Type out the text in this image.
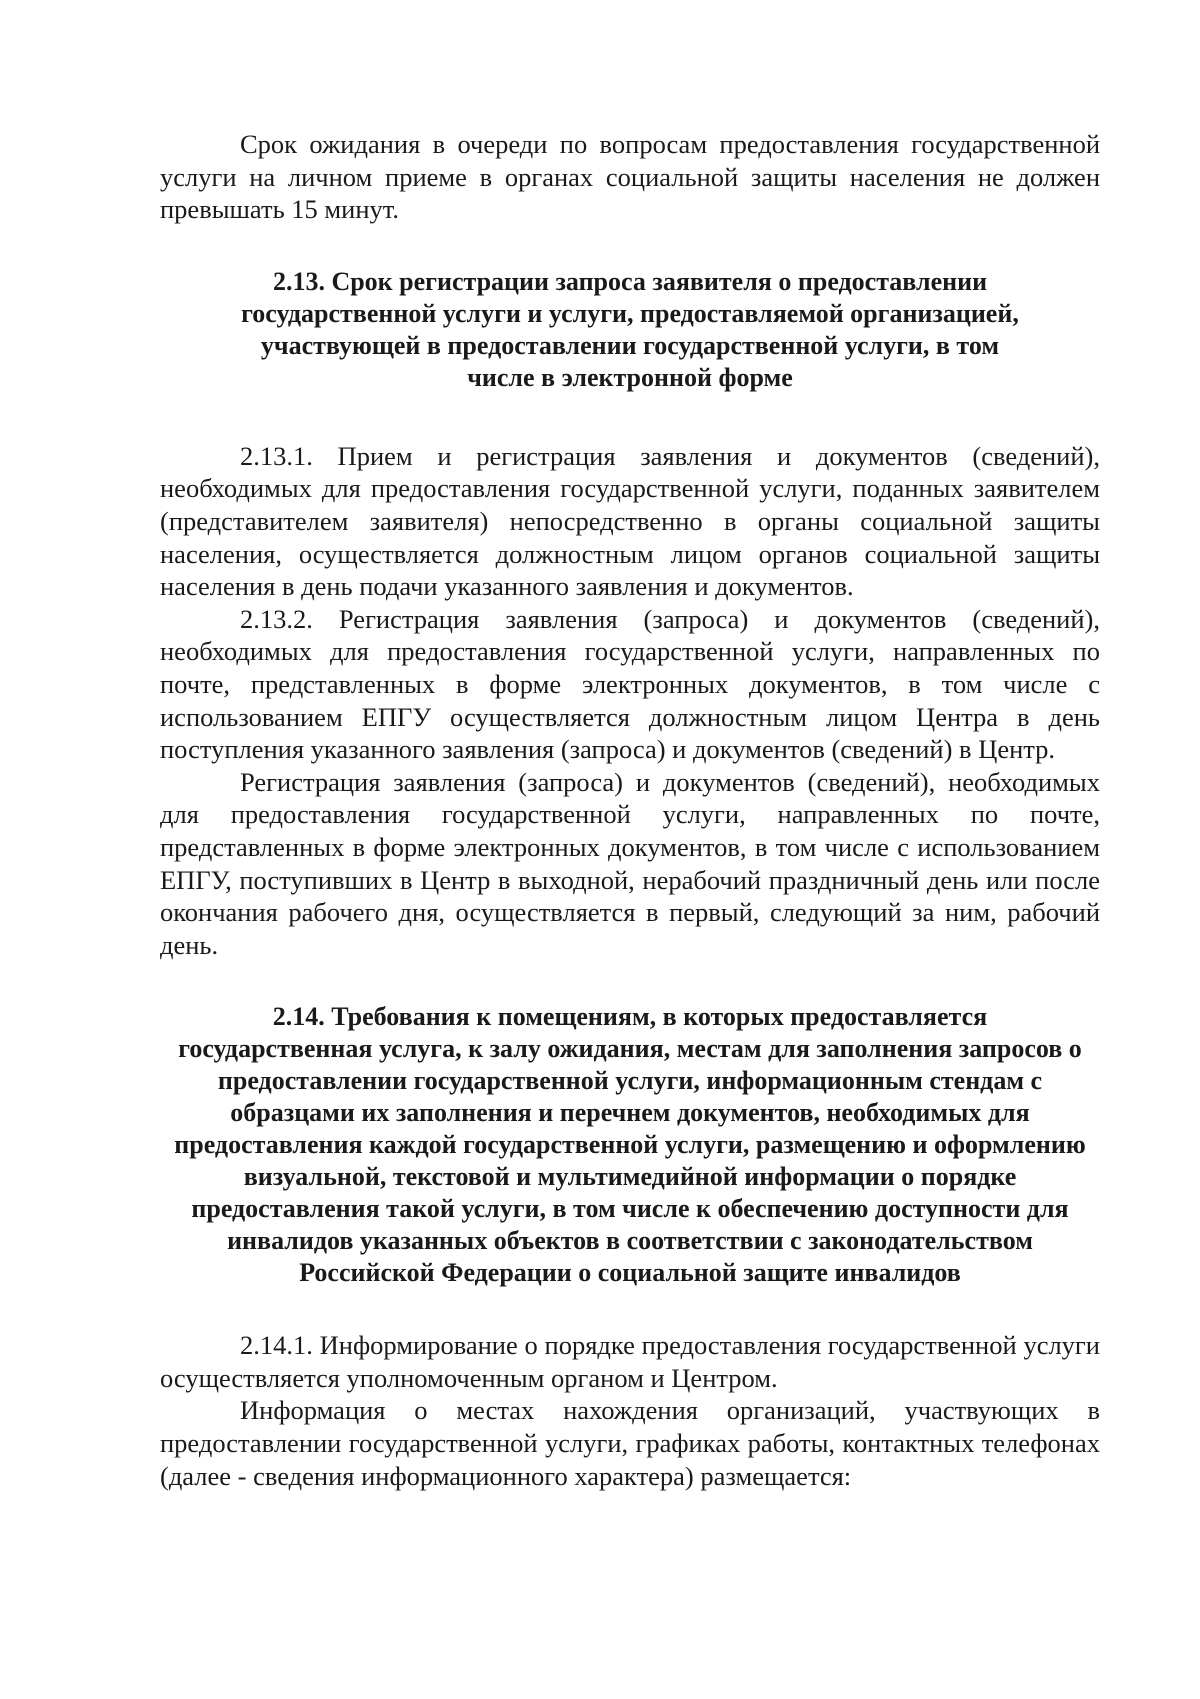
Срок ожидания в очереди по вопросам предоставления государственной услуги на личном приеме в органах социальной защиты населения не должен превышать 15 минут.

2.13. Срок регистрации запроса заявителя о предоставлении государственной услуги и услуги, предоставляемой организацией, участвующей в предоставлении государственной услуги, в том числе в электронной форме

2.13.1. Прием и регистрация заявления и документов (сведений), необходимых для предоставления государственной услуги, поданных заявителем (представителем заявителя) непосредственно в органы социальной защиты населения, осуществляется должностным лицом органов социальной защиты населения в день подачи указанного заявления и документов.

2.13.2. Регистрация заявления (запроса) и документов (сведений), необходимых для предоставления государственной услуги, направленных по почте, представленных в форме электронных документов, в том числе с использованием ЕПГУ осуществляется должностным лицом Центра в день поступления указанного заявления (запроса) и документов (сведений) в Центр.

Регистрация заявления (запроса) и документов (сведений), необходимых для предоставления государственной услуги, направленных по почте, представленных в форме электронных документов, в том числе с использованием ЕПГУ, поступивших в Центр в выходной, нерабочий праздничный день или после окончания рабочего дня, осуществляется в первый, следующий за ним, рабочий день.

2.14. Требования к помещениям, в которых предоставляется государственная услуга, к залу ожидания, местам для заполнения запросов о предоставлении государственной услуги, информационным стендам с образцами их заполнения и перечнем документов, необходимых для предоставления каждой государственной услуги, размещению и оформлению визуальной, текстовой и мультимедийной информации о порядке предоставления такой услуги, в том числе к обеспечению доступности для инвалидов указанных объектов в соответствии с законодательством Российской Федерации о социальной защите инвалидов

2.14.1. Информирование о порядке предоставления государственной услуги осуществляется уполномоченным органом и Центром.

Информация о местах нахождения организаций, участвующих в предоставлении государственной услуги, графиках работы, контактных телефонах (далее - сведения информационного характера) размещается:
